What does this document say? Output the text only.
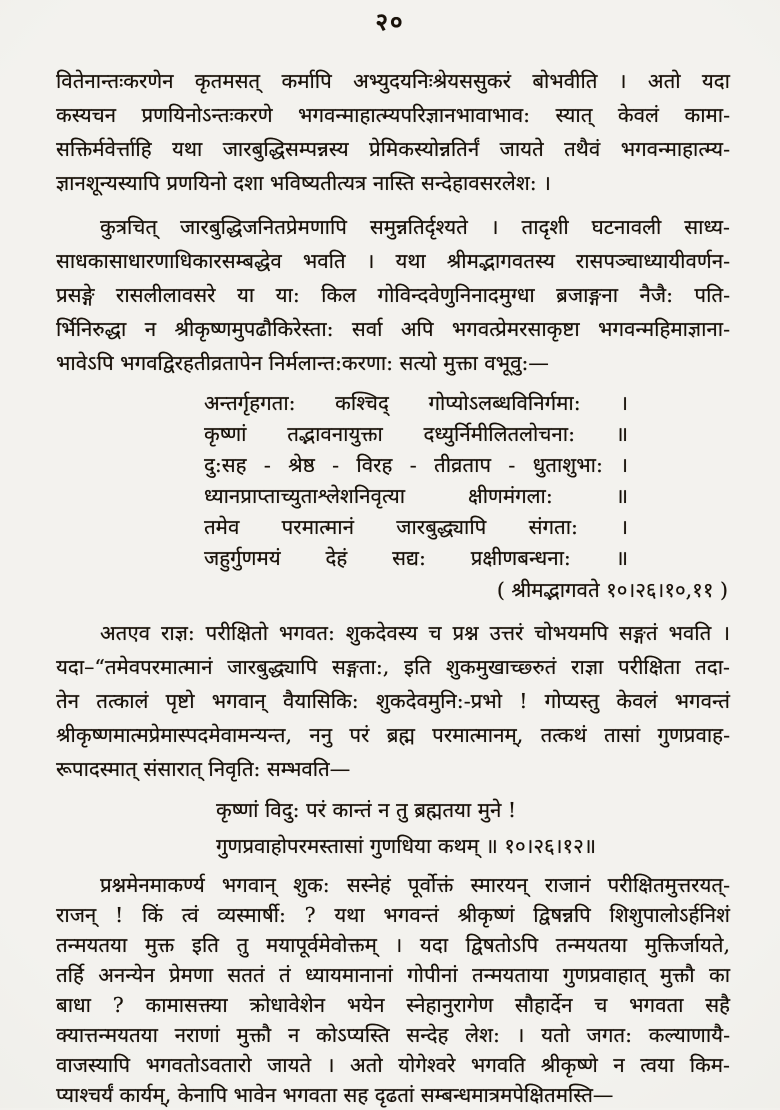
२०
वितेनान्तःकरणेन कृतमसत् कर्मापि अभ्युदयनिःश्रेयससुकरं बोभवीति । अतो यदा
कस्यचन प्रणयिनोऽन्तःकरणे भगवन्माहात्म्यपरिज्ञानभावाभाव: स्यात् केवलं कामा-
सक्तिर्मवेर्त्ताहि यथा जारबुद्धिसम्पन्नस्य प्रेमिकस्योन्नतिर्नं जायते तथैवं भगवन्माहात्म्य-
ज्ञानशून्यस्यापि प्रणयिनो दशा भविष्यतीत्यत्र नास्ति सन्देहावसरलेश: ।
कुत्रचित् जारबुद्धिजनितप्रेमणापि समुन्नतिर्दृश्यते । तादृशी घटनावली साध्य-
साधकासाधारणाधिकारसम्बद्धेव भवति । यथा श्रीमद्भागवतस्य रासपञ्चाध्यायीवर्णन-
प्रसङ्गे रासलीलावसरे या या: किल गोविन्दवेणुनिनादमुग्धा ब्रजाङ्गना नैजै: पति-
र्भिनिरुद्धा न श्रीकृष्णमुपढौकिरेस्ता: सर्वा अपि भगवत्प्रेमरसाकृष्टा भगवन्महिमाज्ञाना-
भावेऽपि भगवद्विरहतीव्रतापेन निर्मलान्त:करणा: सत्यो मुक्ता वभूवु:—
अन्तर्गृहगता: कश्चिद् गोप्योऽलब्धविनिर्गमा: ।
कृष्णां तद्भावनायुक्ता दध्युर्निमीलितलोचना: ॥
दु:सह - श्रेष्ठ - विरह - तीव्रताप - धुताशुभा: ।
ध्यानप्राप्ताच्युताश्लेशनिवृत्या क्षीणमंगला: ॥
तमेव परमात्मानं जारबुद्ध्यापि संगता: ।
जहुर्गुणमयं देहं सद्य: प्रक्षीणबन्धना: ॥
( श्रीमद्भागवते १०।२६।१०,११ )
अतएव राज्ञ: परीक्षितो भगवत: शुकदेवस्य च प्रश्न उत्तरं चोभयमपि सङ्गतं भवति ।
यदा–“तमेवपरमात्मानं जारबुद्ध्यापि सङ्गता:, इति शुकमुखाच्छ्रुतं राज्ञा परीक्षिता तदा-
तेन तत्कालं पृष्टो भगवान् वैयासिकि: शुकदेवमुनि:-प्रभो ! गोप्यस्तु केवलं भगवन्तं
श्रीकृष्णमात्मप्रेमास्पदमेवामन्यन्त, ननु परं ब्रह्म परमात्मानम्, तत्कथं तासां गुणप्रवाह-
रूपादस्मात् संसारात् निवृति: सम्भवति—
कृष्णां विदु: परं कान्तं न तु ब्रह्मतया मुने !
गुणप्रवाहोपरमस्तासां गुणधिया कथम् ॥ १०।२६।१२॥
प्रश्नमेनमाकर्ण्य भगवान् शुक: सस्नेहं पूर्वोक्तं स्मारयन् राजानं परीक्षितमुत्तरयत्-
राजन् ! किं त्वं व्यस्मार्षी: ? यथा भगवन्तं श्रीकृष्णं द्विषन्नपि शिशुपालोऽर्हनिशं
तन्मयतया मुक्त इति तु मयापूर्वमेवोक्तम् । यदा द्विषतोऽपि तन्मयतया मुक्तिर्जायते,
तर्हि अनन्येन प्रेमणा सततं तं ध्यायमानानां गोपीनां तन्मयताया गुणप्रवाहात् मुक्तौ का
बाधा ? कामासक्त्या क्रोधावेशेन भयेन स्नेहानुरागेण सौहार्देन च भगवता सहै
क्यात्तन्मयतया नराणां मुक्तौ न कोऽप्यस्ति सन्देह लेश: । यतो जगत: कल्याणायै-
वाजस्यापि भगवतोऽवतारो जायते । अतो योगेश्वरे भगवति श्रीकृष्णे न त्वया किम-
प्याश्चर्यं कार्यम्, केनापि भावेन भगवता सह दृढतां सम्बन्धमात्रमपेक्षितमस्ति—
